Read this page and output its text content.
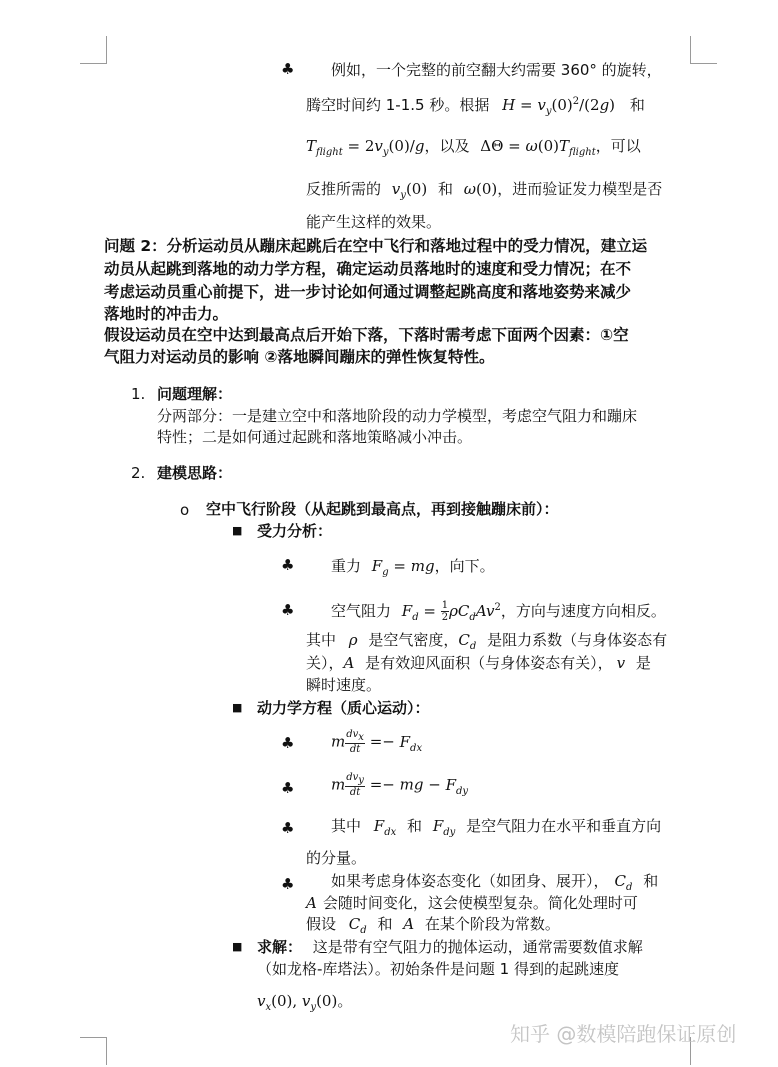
♣ 例如，一个完整的前空翻大约需要 360° 的旋转，
腾空时间约 1-1.5 秒。根据 $H = v_y(0)^2/(2g)$ 和
$T_{flight} = 2v_y(0)/g$，以及 $\Delta\Theta = \omega(0)T_{flight}$，可以
反推所需的 $v_y(0)$ 和 ω(0)，进而验证发力模型是否
能产生这样的效果。
问题 2：分析运动员从蹦床起跳后在空中飞行和落地过程中的受力情况，建立运
动员从起跳到落地的动力学方程，确定运动员落地时的速度和受力情况；在不
考虑运动员重心前提下，进一步讨论如何通过调整起跳高度和落地姿势来减少
落地时的冲击力。
假设运动员在空中达到最高点后开始下落，下落时需考虑下面两个因素：①空
气阻力对运动员的影响 ②落地瞬间蹦床的弹性恢复特性。
1. 问题理解：
分两部分：一是建立空中和落地阶段的动力学模型，考虑空气阻力和蹦床
特性；二是如何通过起跳和落地策略减小冲击。
2. 建模思路：
o 空中飞行阶段（从起跳到最高点，再到接触蹦床前）：
■ 受力分析：
♣ 重力 $F_g$ = mg，向下。
♣ 空气阻力 $F_d = \frac{1}{2} \rho C_dAv^2$，方向与速度方向相反。
其中 ρ 是空气密度，$C_d$ 是阻力系数（与身体姿态有
关），A 是有效迎风面积（与身体姿态有关）， v 是
瞬时速度。
■ 动力学方程（质心运动）：
♣ m $\frac{dv_x}{dt} =- F_{dx}$
♣ m $\frac{dv_y}{dt}$ =− mg − $F_{dy}$
♣ 其中 $F_{dx}$ 和 $F_{dy}$ 是空气阻力在水平和垂直方向
的分量。
♣ 如果考虑身体姿态变化（如团身、展开）， $C_d$ 和
A 会随时间变化，这会使模型复杂。简化处理时可
假设 $C_d$ 和 A 在某个阶段为常数。
■ 求解： 这是带有空气阻力的抛体运动，通常需要数值求解
（如龙格-库塔法）。初始条件是问题 1 得到的起跳速度
$v_x(0)$, $v_y(0)$。
知乎 @数模陪跑保证原创
